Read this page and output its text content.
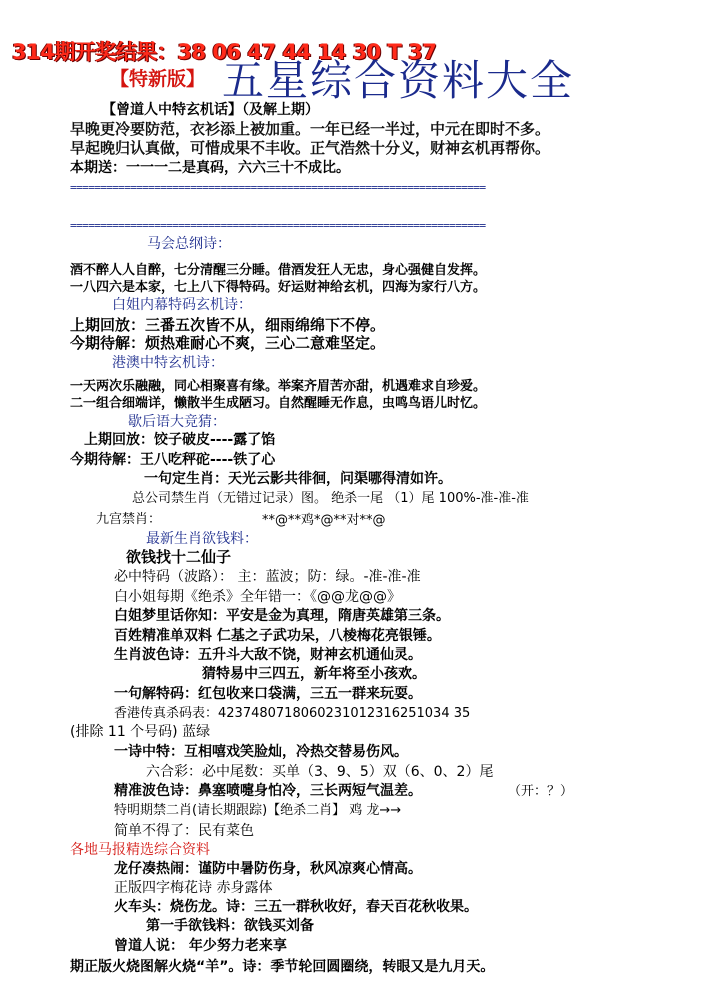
314期开奖结果：38 06 47 44 14 30 T 37
【特新版】 五星综合资料大全
【曾道人中特玄机话】（及解上期）
早晚更冷要防范，衣衫添上被加重。一年已经一半过，中元在即时不多。
早起晚归认真做，可惜成果不丰收。正气浩然十分义，财神玄机再帮你。
本期送：一一一二是真码，六六三十不成比。
=====================================================================
=====================================================================
马会总纲诗：
酒不醉人人自醉，七分清醒三分睡。借酒发狂人无忠，身心强健自发挥。
一八四六是本家，七上八下得特码。好运财神给玄机，四海为家行八方。
白姐内幕特码玄机诗：
上期回放：三番五次皆不从，细雨绵绵下不停。
今期待解：烦热难耐心不爽，三心二意难坚定。
港澳中特玄机诗：
一天两次乐融融，同心相聚喜有缘。举案齐眉苦亦甜，机遇难求自珍爱。
二一组合细端详，懒散半生成陋习。自然醒睡无作息，虫鸣鸟语儿时忆。
歇后语大竞猜：
上期回放：饺子破皮----露了馅
今期待解：王八吃秤砣----铁了心
一句定生肖：天光云影共徘徊，问渠哪得清如许。
总公司禁生肖（无错过记录）图。 绝杀一尾 （1）尾 100%-准-准-准
九宫禁肖：	**@**鸡*@**对**@
最新生肖欲钱料：
欲钱找十二仙子
必中特码（波路）： 主：蓝波；防：绿。-准-准-准
白小姐每期《绝杀》全年错一：《@@龙@@》
白姐梦里话你知：平安是金为真理，隋唐英雄第三条。
百姓精准单双料 仁基之子武功呆，八棱梅花亮银锤。
生肖波色诗：五升斗大敌不饶，财神玄机通仙灵。
猜特易中三四五，新年将至小孩欢。
一句解特码：红包收来口袋满，三五一群来玩耍。
香港传真杀码表：4237480718060231012316251034 35
(排除 11 个号码) 蓝绿
一诗中特：互相嘻戏笑脸灿，冷热交替易伤风。
六合彩：必中尾数：买单（3、9、5）双（6、0、2）尾
精准波色诗：鼻塞喷嚏身怕冷，三长两短气温差。	（开：？）
特明期禁二肖(请长期跟踪)【绝杀二肖】 鸡 龙→→
简单不得了：民有菜色
各地马报精选综合资料
龙仔凑热闹：谨防中暑防伤身，秋风凉爽心情高。
正版四字梅花诗 赤身露体
火车头：烧伤龙。诗：三五一群秋收好，春天百花秋收果。
第一手欲钱料：欲钱买刘备
曾道人说： 年少努力老来享
期正版火烧图解火烧“羊”。诗：季节轮回圆圈绕，转眼又是九月天。
